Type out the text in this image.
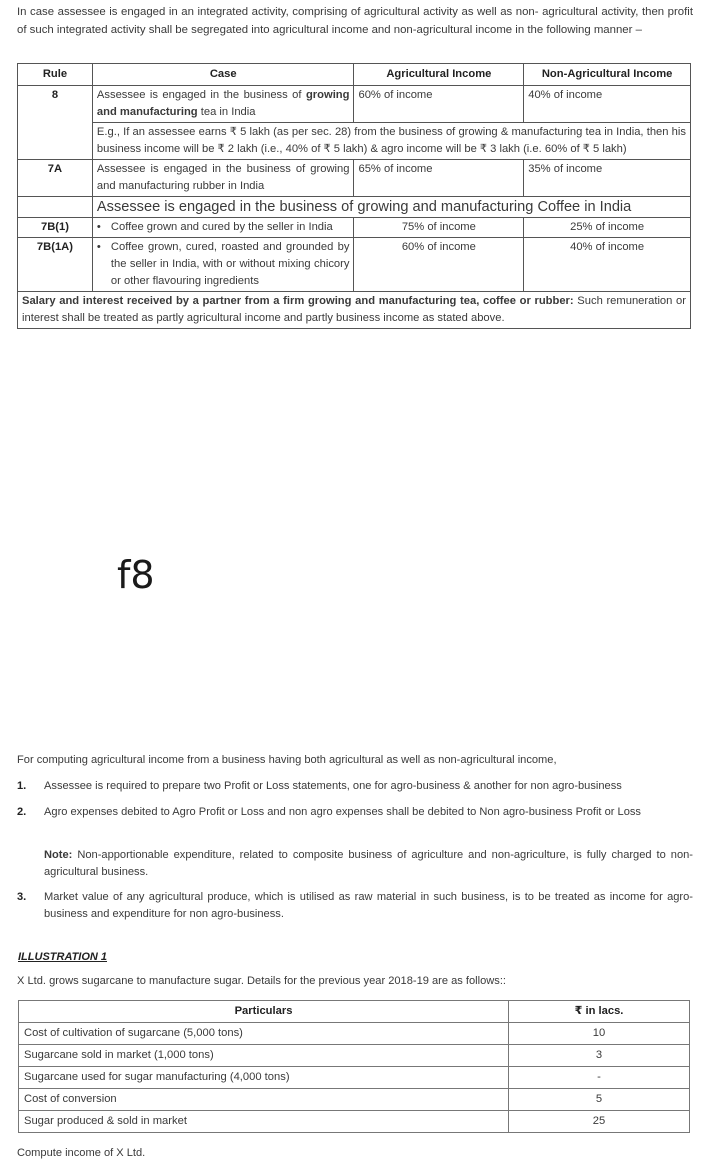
In case assessee is engaged in an integrated activity, comprising of agricultural activity as well as non- agricultural activity, then profit of such integrated activity shall be segregated into agricultural income and non-agricultural income in the following manner –
Rule	Case	Agricultural Income	Non-Agricultural Income
8	Assessee is engaged in the business of growing and manufacturing tea in India	60% of income	40% of income
	E.g., If an assessee earns ₹ 5 lakh (as per sec. 28) from the business of growing & manufacturing tea in India, then his business income will be ₹ 2 lakh (i.e., 40% of ₹ 5 lakh) & agro income will be ₹ 3 lakh (i.e. 60% of ₹ 5 lakh)		
7A	Assessee is engaged in the business of growing and manufacturing rubber in India	65% of income	35% of income
	Assessee is engaged in the business of growing and manufacturing Coffee in India		
7B(1)	• Coffee grown and cured by the seller in India	75% of income	25% of income
7B(1A)	• Coffee grown, cured, roasted and grounded by the seller in India, with or without mixing chicory or other flavouring ingredients	60% of income	40% of income
Salary and interest received by a partner from a firm growing and manufacturing tea, coffee or rubber: Such remuneration or interest shall be treated as partly agricultural income and partly business income as stated above.			
f8
For computing agricultural income from a business having both agricultural as well as non-agricultural income,
1. Assessee is required to prepare two Profit or Loss statements, one for agro-business & another for non agro-business
2. Agro expenses debited to Agro Profit or Loss and non agro expenses shall be debited to Non agro-business Profit or Loss
Note: Non-apportionable expenditure, related to composite business of agriculture and non-agriculture, is fully charged to non-agricultural business.
3. Market value of any agricultural produce, which is utilised as raw material in such business, is to be treated as income for agro-business and expenditure for non agro-business.
ILLUSTRATION 1
X Ltd. grows sugarcane to manufacture sugar. Details for the previous year 2018-19 are as follows::
Particulars	₹ in lacs.
Cost of cultivation of sugarcane (5,000 tons)	10
Sugarcane sold in market (1,000 tons)	3
Sugarcane used for sugar manufacturing (4,000 tons)	-
Cost of conversion	5
Sugar produced & sold in market	25
Compute income of X Ltd.
